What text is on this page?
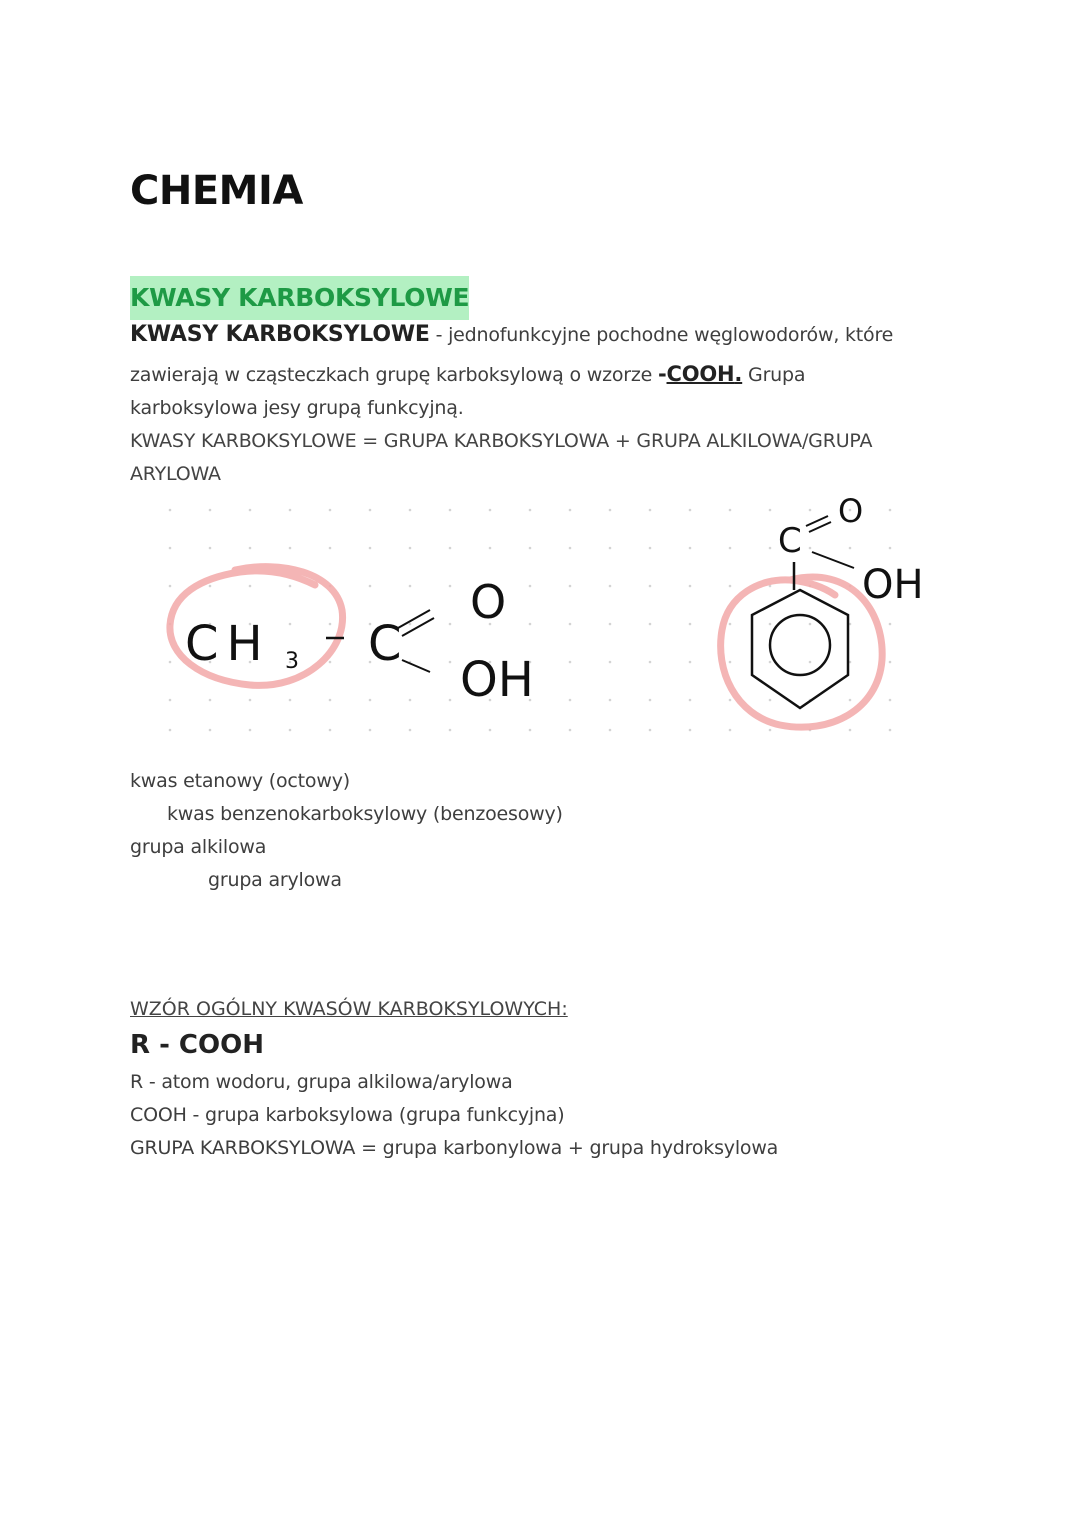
CHEMIA
KWASY KARBOKSYLOWE
KWASY KARBOKSYLOWE - jednofunkcyjne pochodne węglowodorów, które
zawierają w cząsteczkach grupę karboksylową o wzorze -COOH. Grupa
karboksylowa jesy grupą funkcyjną.
KWASY KARBOKSYLOWE = GRUPA KARBOKSYLOWA + GRUPA ALKILOWA/GRUPA
ARYLOWA
CH 3 C
O
OH
C
O
OH
kwas etanowy (octowy)
kwas benzenokarboksylowy (benzoesowy)
grupa alkilowa
grupa arylowa
WZÓR OGÓLNY KWASÓW KARBOKSYLOWYCH:
R - COOH
R - atom wodoru, grupa alkilowa/arylowa
COOH - grupa karboksylowa (grupa funkcyjna)
GRUPA KARBOKSYLOWA = grupa karbonylowa + grupa hydroksylowa
